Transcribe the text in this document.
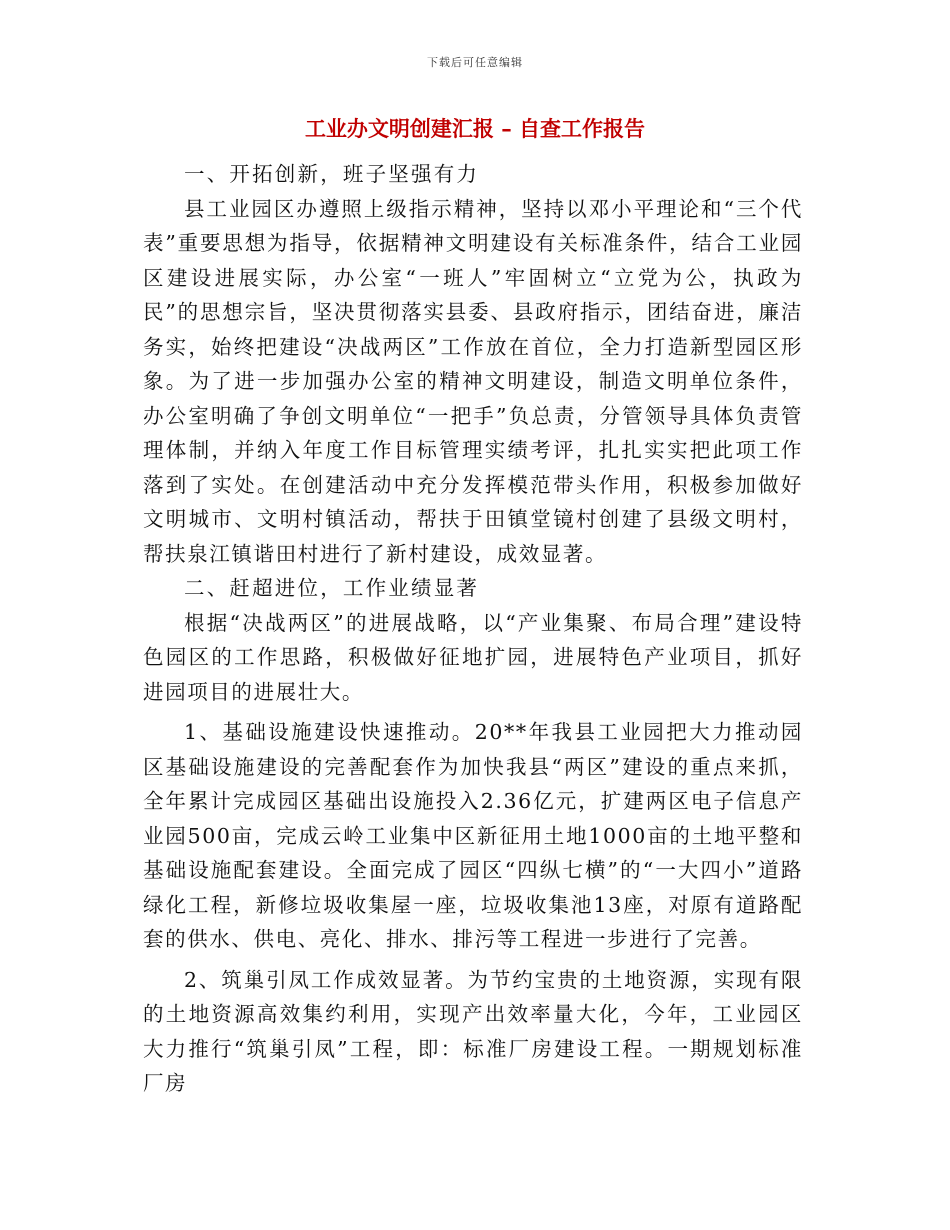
下载后可任意编辑
工业办文明创建汇报 – 自查工作报告

一、开拓创新，班子坚强有力

县工业园区办遵照上级指示精神，坚持以邓小平理论和“三个代表”重要思想为指导，依据精神文明建设有关标准条件，结合工业园区建设进展实际，办公室“一班人”牢固树立“立党为公，执政为民”的思想宗旨，坚决贯彻落实县委、县政府指示，团结奋进，廉洁务实，始终把建设“决战两区”工作放在首位，全力打造新型园区形象。为了进一步加强办公室的精神文明建设，制造文明单位条件，办公室明确了争创文明单位“一把手”负总责，分管领导具体负责管理体制，并纳入年度工作目标管理实绩考评，扎扎实实把此项工作落到了实处。在创建活动中充分发挥模范带头作用，积极参加做好文明城市、文明村镇活动，帮扶于田镇堂镜村创建了县级文明村，帮扶泉江镇谐田村进行了新村建设，成效显著。

二、赶超进位，工作业绩显著

根据“决战两区”的进展战略，以“产业集聚、布局合理”建设特色园区的工作思路，积极做好征地扩园，进展特色产业项目，抓好进园项目的进展壮大。

1、基础设施建设快速推动。20**年我县工业园把大力推动园区基础设施建设的完善配套作为加快我县“两区”建设的重点来抓，全年累计完成园区基础出设施投入2.36亿元，扩建两区电子信息产业园500亩，完成云岭工业集中区新征用土地1000亩的土地平整和基础设施配套建设。全面完成了园区“四纵七横”的“一大四小”道路绿化工程，新修垃圾收集屋一座，垃圾收集池13座，对原有道路配套的供水、供电、亮化、排水、排污等工程进一步进行了完善。

2、筑巢引凤工作成效显著。为节约宝贵的土地资源，实现有限的土地资源高效集约利用，实现产出效率量大化，今年，工业园区大力推行“筑巢引凤”工程，即：标准厂房建设工程。一期规划标准厂房
